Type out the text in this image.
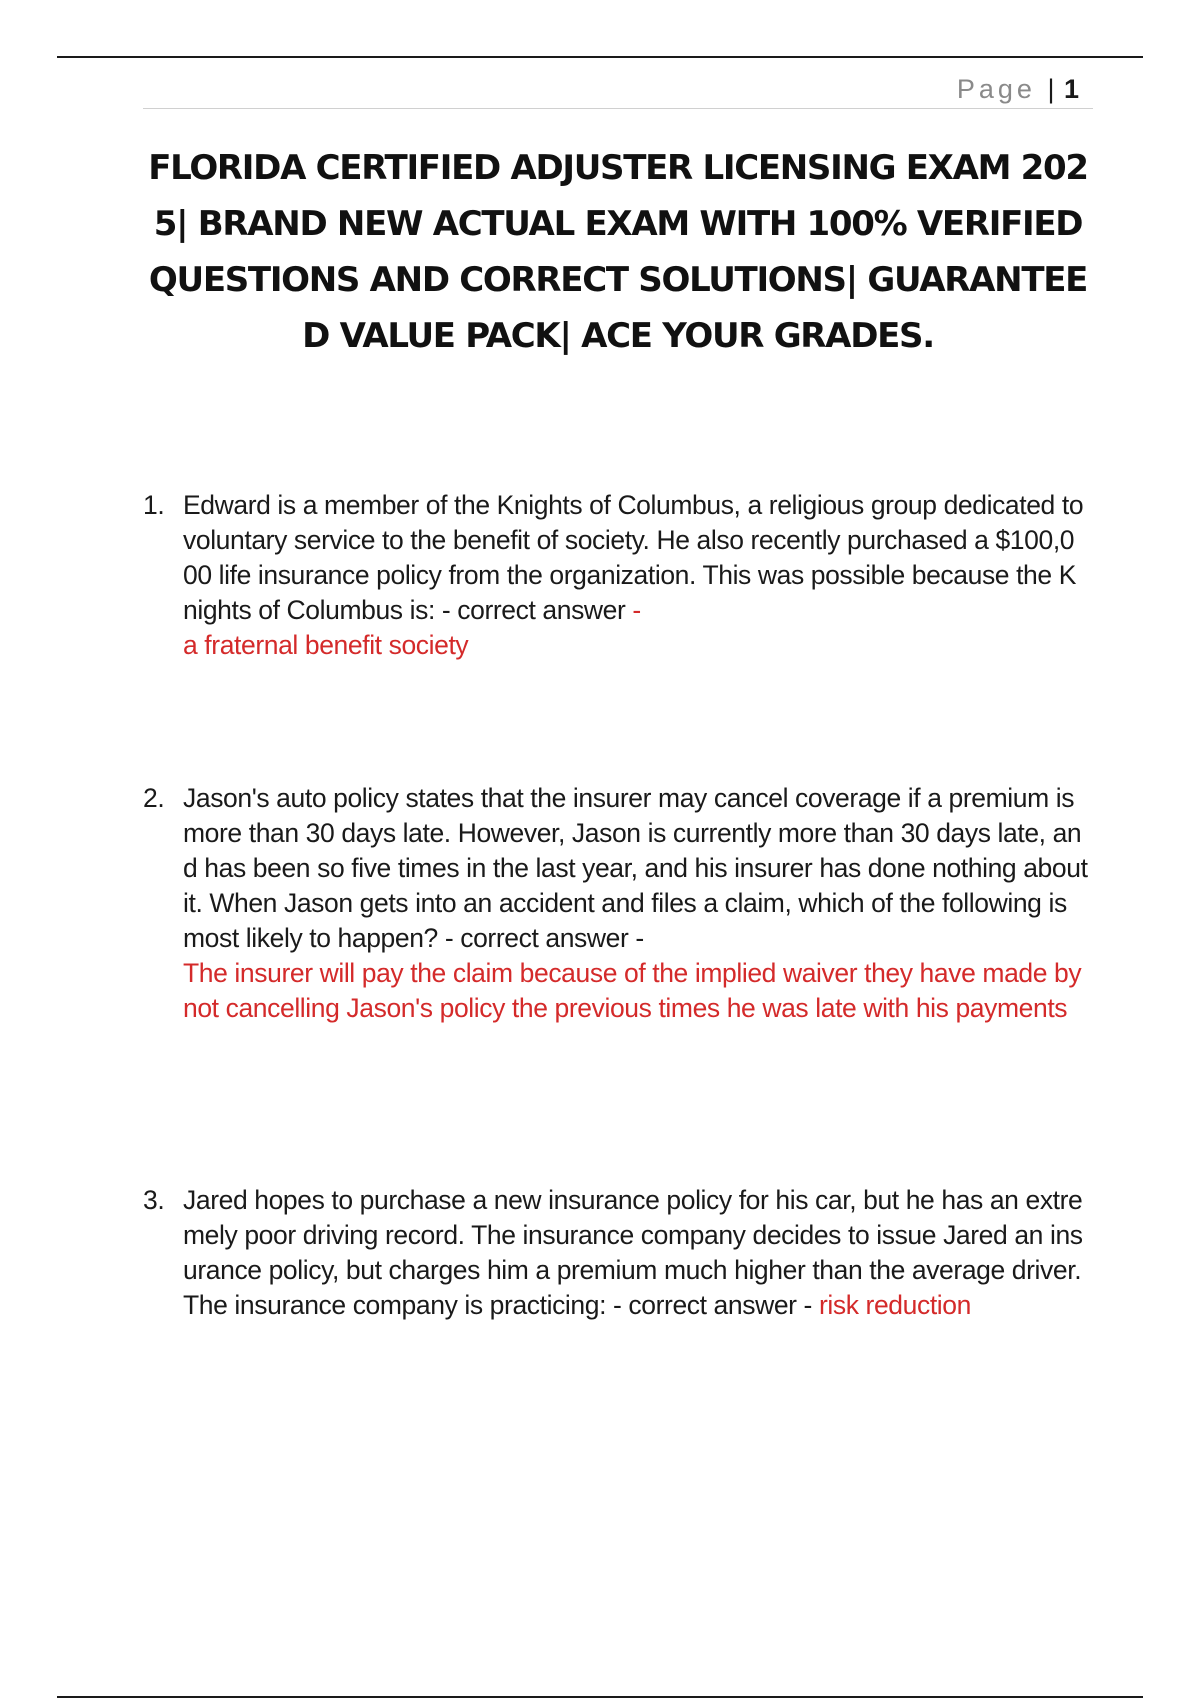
Page | 1
FLORIDA CERTIFIED ADJUSTER LICENSING EXAM 2025| BRAND NEW ACTUAL EXAM WITH 100% VERIFIED QUESTIONS AND CORRECT SOLUTIONS| GUARANTEED VALUE PACK| ACE YOUR GRADES.
1. Edward is a member of the Knights of Columbus, a religious group dedicated to voluntary service to the benefit of society. He also recently purchased a $100,000 life insurance policy from the organization. This was possible because the Knights of Columbus is: - correct answer -
a fraternal benefit society
2. Jason's auto policy states that the insurer may cancel coverage if a premium is more than 30 days late. However, Jason is currently more than 30 days late, and has been so five times in the last year, and his insurer has done nothing about it. When Jason gets into an accident and files a claim, which of the following is most likely to happen? - correct answer -
The insurer will pay the claim because of the implied waiver they have made by not cancelling Jason's policy the previous times he was late with his payments
3. Jared hopes to purchase a new insurance policy for his car, but he has an extremely poor driving record. The insurance company decides to issue Jared an insurance policy, but charges him a premium much higher than the average driver. The insurance company is practicing: - correct answer - risk reduction
